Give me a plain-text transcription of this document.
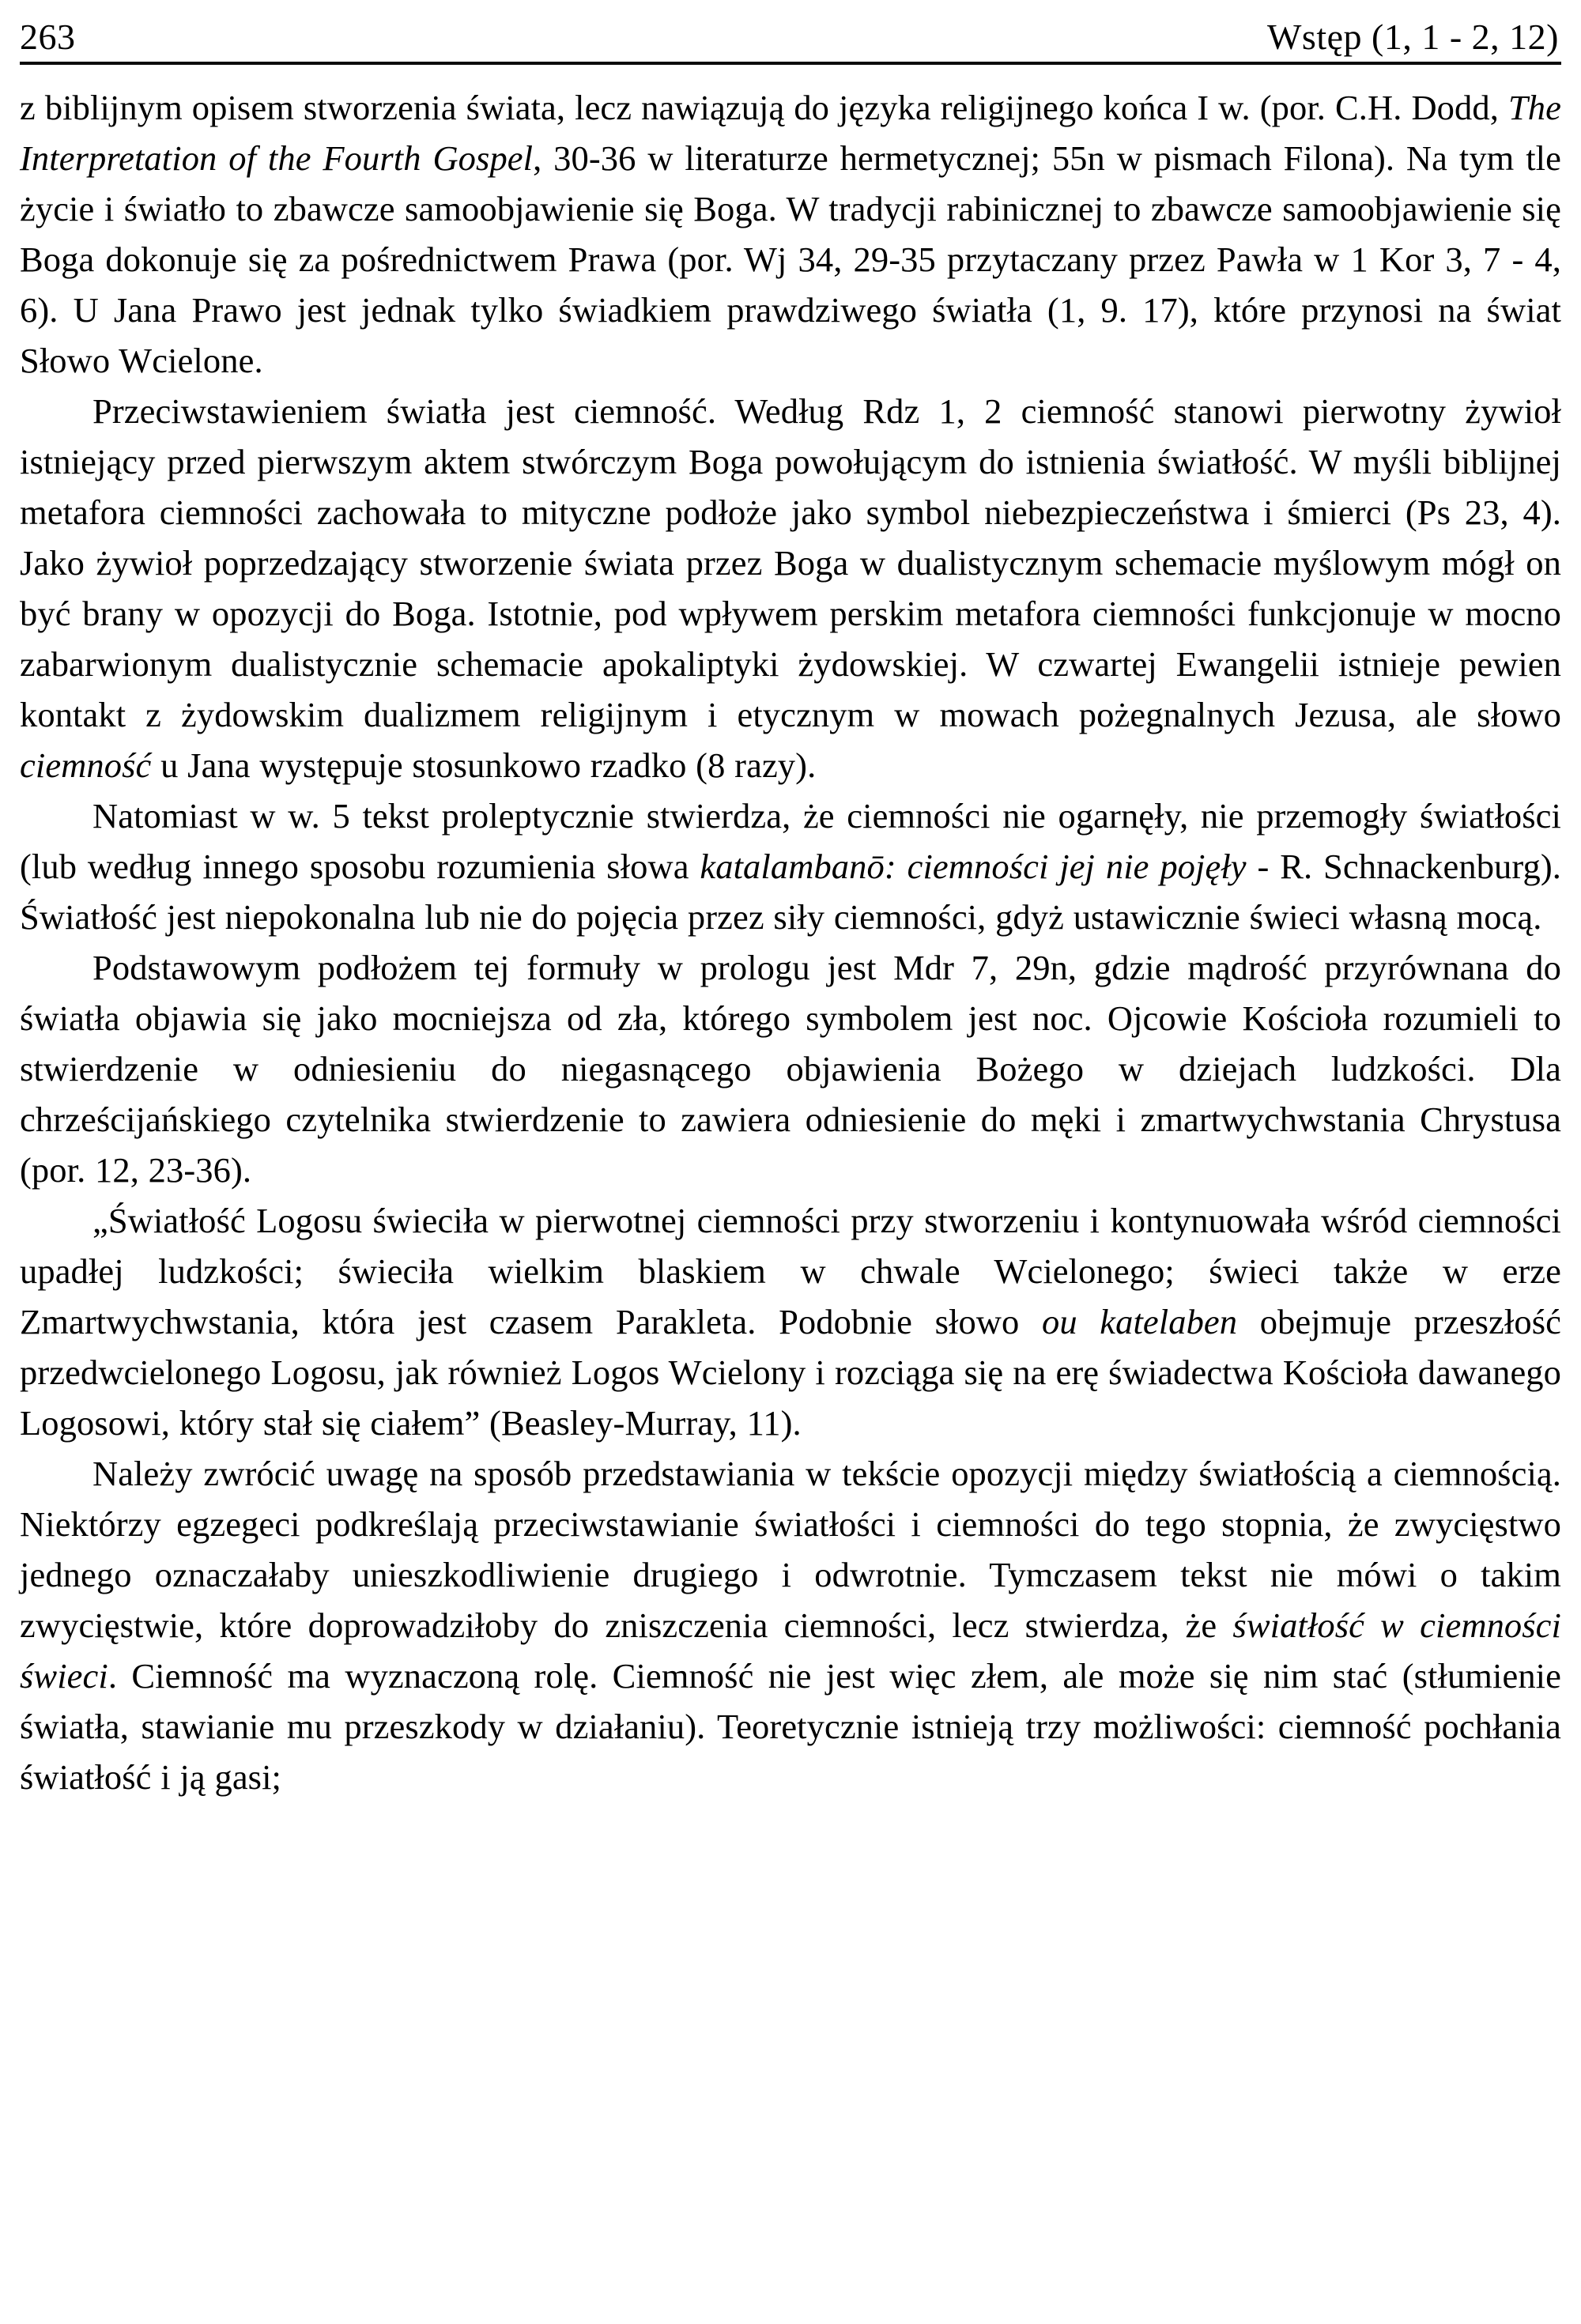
263	Wstęp (1, 1 - 2, 12)

z biblijnym opisem stworzenia świata, lecz nawiązują do języka religijnego końca I w. (por. C.H. Dodd, The Interpretation of the Fourth Gospel, 30-36 w literaturze hermetycznej; 55n w pismach Filona). Na tym tle życie i światło to zbawcze samoobjawienie się Boga. W tradycji rabinicznej to zbawcze samoobjawienie się Boga dokonuje się za pośrednictwem Prawa (por. Wj 34, 29-35 przytaczany przez Pawła w 1 Kor 3, 7 - 4, 6). U Jana Prawo jest jednak tylko świadkiem prawdziwego światła (1, 9. 17), które przynosi na świat Słowo Wcielone.

Przeciwstawieniem światła jest ciemność. Według Rdz 1, 2 ciemność stanowi pierwotny żywioł istniejący przed pierwszym aktem stwórczym Boga powołującym do istnienia światłość. W myśli biblijnej metafora ciemności zachowała to mityczne podłoże jako symbol niebezpieczeństwa i śmierci (Ps 23, 4). Jako żywioł poprzedzający stworzenie świata przez Boga w dualistycznym schemacie myślowym mógł on być brany w opozycji do Boga. Istotnie, pod wpływem perskim metafora ciemności funkcjonuje w mocno zabarwionym dualistycznie schemacie apokaliptyki żydowskiej. W czwartej Ewangelii istnieje pewien kontakt z żydowskim dualizmem religijnym i etycznym w mowach pożegnalnych Jezusa, ale słowo ciemność u Jana występuje stosunkowo rzadko (8 razy).

Natomiast w w. 5 tekst proleptycznie stwierdza, że ciemności nie ogarnęły, nie przemogły światłości (lub według innego sposobu rozumienia słowa katalambanō: ciemności jej nie pojęły - R. Schnackenburg). Światłość jest niepokonalna lub nie do pojęcia przez siły ciemności, gdyż ustawicznie świeci własną mocą.

Podstawowym podłożem tej formuły w prologu jest Mdr 7, 29n, gdzie mądrość przyrównana do światła objawia się jako mocniejsza od zła, którego symbolem jest noc. Ojcowie Kościoła rozumieli to stwierdzenie w odniesieniu do niegasnącego objawienia Bożego w dziejach ludzkości. Dla chrześcijańskiego czytelnika stwierdzenie to zawiera odniesienie do męki i zmartwychwstania Chrystusa (por. 12, 23-36).

„Światłość Logosu świeciła w pierwotnej ciemności przy stworzeniu i kontynuowała wśród ciemności upadłej ludzkości; świeciła wielkim blaskiem w chwale Wcielonego; świeci także w erze Zmartwychwstania, która jest czasem Parakleta. Podobnie słowo ou katelaben obejmuje przeszłość przedwcielonego Logosu, jak również Logos Wcielony i rozciąga się na erę świadectwa Kościoła dawanego Logosowi, który stał się ciałem” (Beasley-Murray, 11).

Należy zwrócić uwagę na sposób przedstawiania w tekście opozycji między światłością a ciemnością. Niektórzy egzegeci podkreślają przeciwstawianie światłości i ciemności do tego stopnia, że zwycięstwo jednego oznaczałaby unieszkodliwienie drugiego i odwrotnie. Tymczasem tekst nie mówi o takim zwycięstwie, które doprowadziłoby do zniszczenia ciemności, lecz stwierdza, że światłość w ciemności świeci. Ciemność ma wyznaczoną rolę. Ciemność nie jest więc złem, ale może się nim stać (stłumienie światła, stawianie mu przeszkody w działaniu). Teoretycznie istnieją trzy możliwości: ciemność pochłania światłość i ją gasi;
